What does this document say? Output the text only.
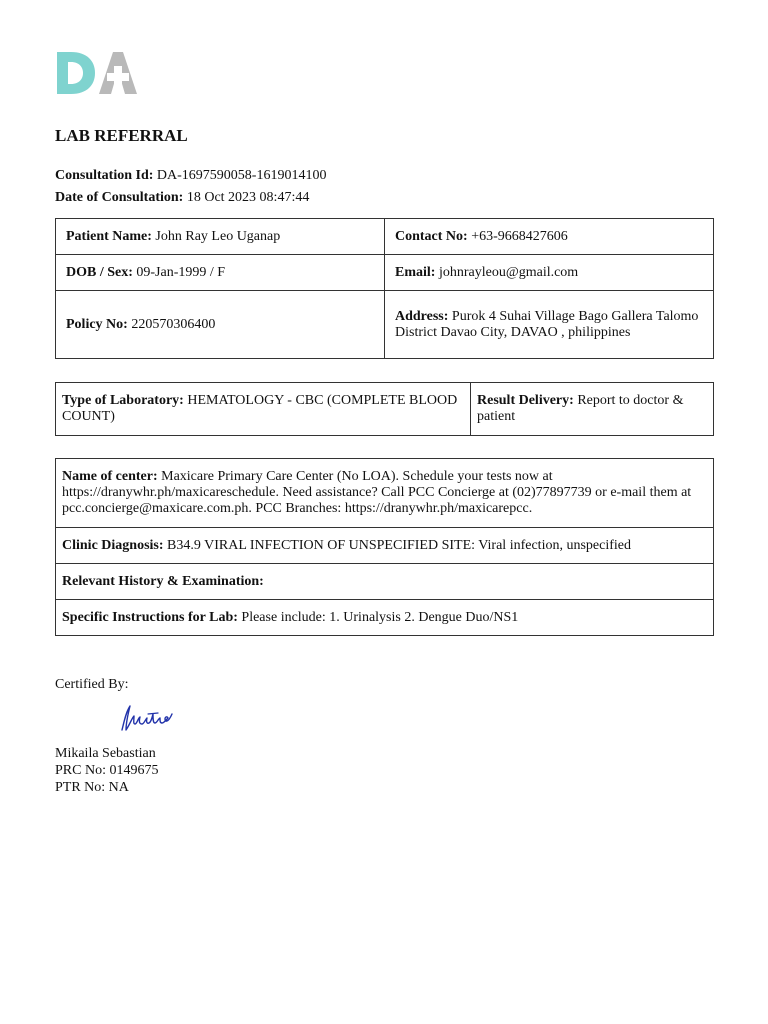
LAB REFERRAL
Consultation Id: DA-1697590058-1619014100
Date of Consultation: 18 Oct 2023 08:47:44
Patient Name: John Ray Leo Uganap	Contact No: +63-9668427606
DOB / Sex: 09-Jan-1999 / F	Email: johnrayleou@gmail.com
Policy No: 220570306400	Address: Purok 4 Suhai Village Bago Gallera Talomo District Davao City, DAVAO , philippines
Type of Laboratory: HEMATOLOGY - CBC (COMPLETE BLOOD COUNT)	Result Delivery: Report to doctor & patient
Name of center: Maxicare Primary Care Center (No LOA). Schedule your tests now at https://dranywhr.ph/maxicareschedule. Need assistance? Call PCC Concierge at (02)77897739 or e-mail them at pcc.concierge@maxicare.com.ph. PCC Branches: https://dranywhr.ph/maxicarepcc.
Clinic Diagnosis: B34.9 VIRAL INFECTION OF UNSPECIFIED SITE: Viral infection, unspecified
Relevant History & Examination:
Specific Instructions for Lab: Please include: 1. Urinalysis 2. Dengue Duo/NS1
Certified By:
Mikaila Sebastian
PRC No: 0149675
PTR No: NA
